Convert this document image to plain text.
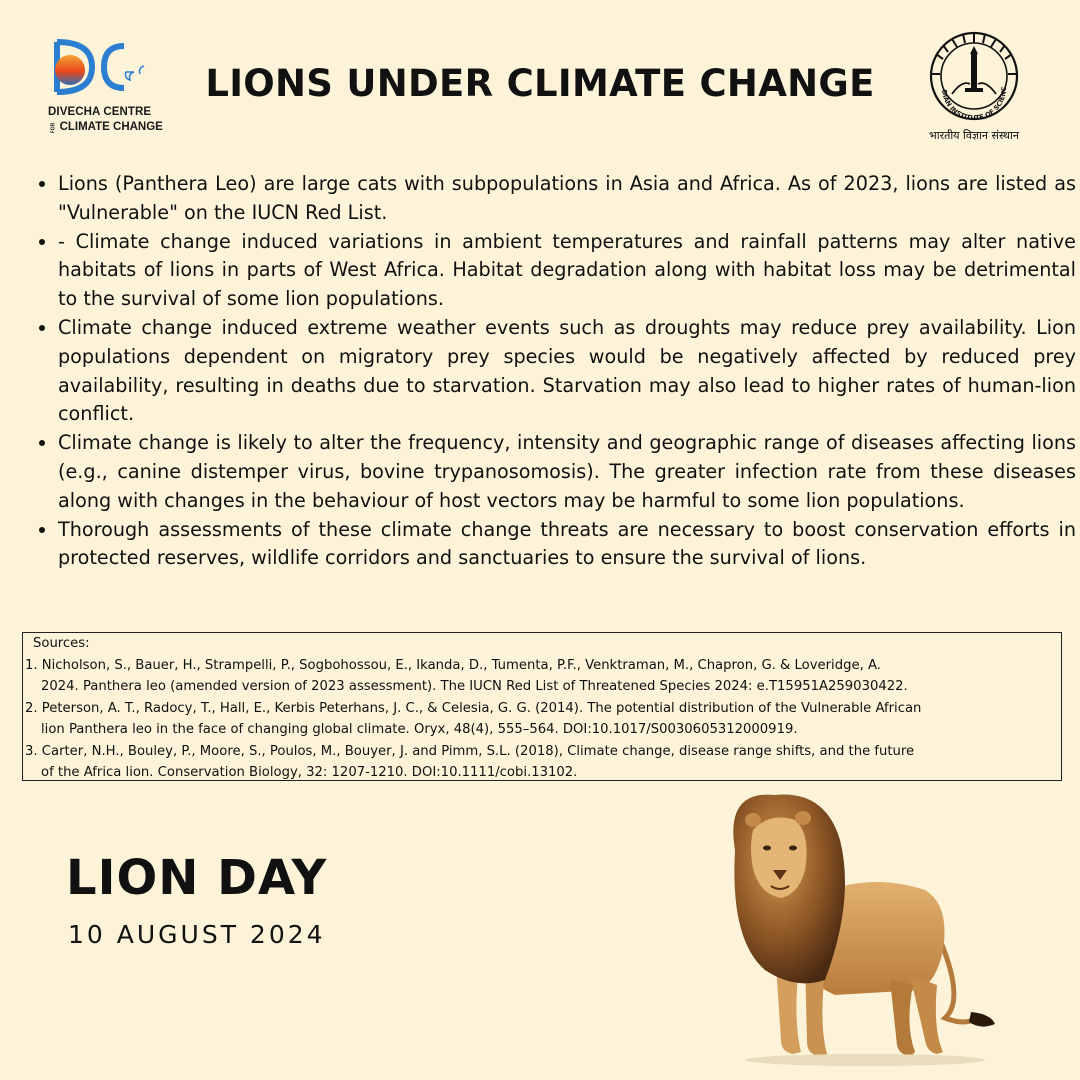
DIVECHA CENTRE
FOR CLIMATE CHANGE
LIONS UNDER CLIMATE CHANGE	DIAN INSTITUTE OF SCIENC
भारतीय विज्ञान संस्थान
• Lions (Panthera Leo) are large cats with subpopulations in Asia and Africa. As of 2023, lions are listed as "Vulnerable" on the IUCN Red List.
• - Climate change induced variations in ambient temperatures and rainfall patterns may alter native habitats of lions in parts of West Africa. Habitat degradation along with habitat loss may be detrimental to the survival of some lion populations.
• Climate change induced extreme weather events such as droughts may reduce prey availability. Lion populations dependent on migratory prey species would be negatively affected by reduced prey availability, resulting in deaths due to starvation. Starvation may also lead to higher rates of human-lion conflict.
• Climate change is likely to alter the frequency, intensity and geographic range of diseases affecting lions (e.g., canine distemper virus, bovine trypanosomosis). The greater infection rate from these diseases along with changes in the behaviour of host vectors may be harmful to some lion populations.
• Thorough assessments of these climate change threats are necessary to boost conservation efforts in protected reserves, wildlife corridors and sanctuaries to ensure the survival of lions.
Sources:
1. Nicholson, S., Bauer, H., Strampelli, P., Sogbohossou, E., Ikanda, D., Tumenta, P.F., Venktraman, M., Chapron, G. & Loveridge, A.
2024. Panthera leo (amended version of 2023 assessment). The IUCN Red List of Threatened Species 2024: e.T15951A259030422.
2. Peterson, A. T., Radocy, T., Hall, E., Kerbis Peterhans, J. C., & Celesia, G. G. (2014). The potential distribution of the Vulnerable African
lion Panthera leo in the face of changing global climate. Oryx, 48(4), 555–564. DOI:10.1017/S0030605312000919.
3. Carter, N.H., Bouley, P., Moore, S., Poulos, M., Bouyer, J. and Pimm, S.L. (2018), Climate change, disease range shifts, and the future
of the Africa lion. Conservation Biology, 32: 1207-1210. DOI:10.1111/cobi.13102.
LION DAY
10 AUGUST 2024
